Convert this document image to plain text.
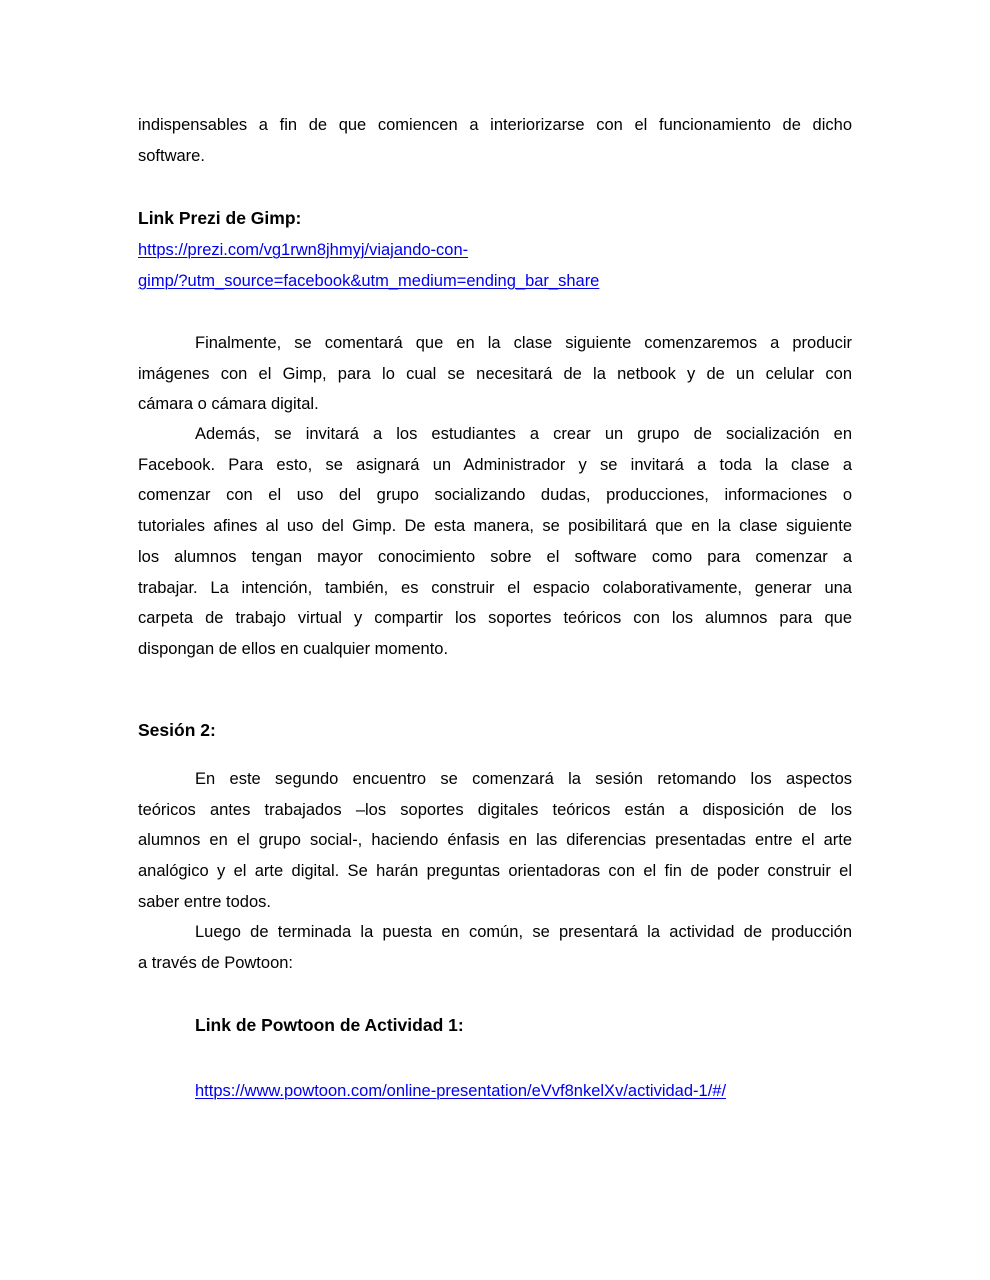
indispensables a fin de que comiencen a interiorizarse con el funcionamiento de dicho
software.
Link Prezi de Gimp:
https://prezi.com/vg1rwn8jhmyj/viajando-con-
gimp/?utm_source=facebook&utm_medium=ending_bar_share
Finalmente, se comentará que en la clase siguiente comenzaremos a producir
imágenes con el Gimp, para lo cual se necesitará de la netbook y de un celular con
cámara o cámara digital.
Además, se invitará a los estudiantes a crear un grupo de socialización en
Facebook. Para esto, se asignará un Administrador y se invitará a toda la clase a
comenzar con el uso del grupo socializando dudas, producciones, informaciones o
tutoriales afines al uso del Gimp. De esta manera, se posibilitará que en la clase siguiente
los alumnos tengan mayor conocimiento sobre el software como para comenzar a
trabajar. La intención, también, es construir el espacio colaborativamente, generar una
carpeta de trabajo virtual y compartir los soportes teóricos con los alumnos para que
dispongan de ellos en cualquier momento.
Sesión 2:
En este segundo encuentro se comenzará la sesión retomando los aspectos
teóricos antes trabajados –los soportes digitales teóricos están a disposición de los
alumnos en el grupo social-, haciendo énfasis en las diferencias presentadas entre el arte
analógico y el arte digital. Se harán preguntas orientadoras con el fin de poder construir el
saber entre todos.
Luego de terminada la puesta en común, se presentará la actividad de producción
a través de Powtoon:
Link de Powtoon de Actividad 1:
https://www.powtoon.com/online-presentation/eVvf8nkelXv/actividad-1/#/
